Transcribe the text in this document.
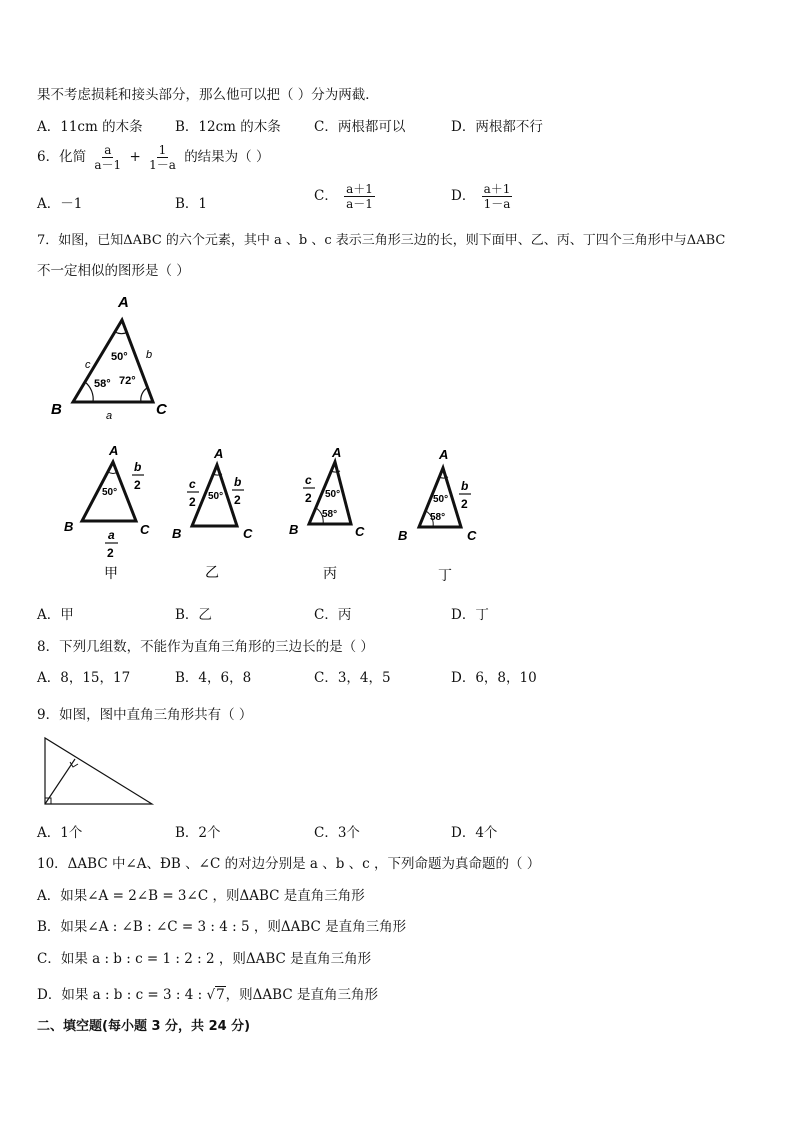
果不考虑损耗和接头部分，那么他可以把（ ）分为两截．
A．11cm 的木条 B．12cm 的木条 C．两根都可以	D．两根都不行
6．化简 $\frac{a}{a-1} + \frac{1}{1-a}$ 的结果为（ ）
A．－1	B．1	C． $\frac{a+1}{a-1}$	D． $\frac{a+1}{1-a}$
7．如图，已知ΔABC 的六个元素，其中 a 、b 、c 表示三角形三边的长，则下面甲、乙、丙、丁四个三角形中与ΔABC
不一定相似的图形是（ ）
A
B	C
50°
58° 72°
c
b
a
A
B	C
50°
b
2
a
2
甲
A
B	C
50°
c
2
b
2
乙
A
B	C
50°
58°
c
2
丙
A
B	C
50°
58°
b
2
丁
A．甲	B．乙	C．丙	D．丁
8．下列几组数，不能作为直角三角形的三边长的是（ ）
A．8，15，17	B．4，6，8	C．3，4，5	D．6，8，10
9．如图，图中直角三角形共有（ ）
A．1个	B．2个	C．3个	D．4个
10．ΔABC 中∠A、ÐB 、∠C 的对边分别是 a 、b 、c ，下列命题为真命题的（ ）
A．如果∠A = 2∠B = 3∠C ，则ΔABC 是直角三角形
B．如果∠A : ∠B : ∠C = 3 : 4 : 5 ，则ΔABC 是直角三角形
C．如果 a : b : c = 1 : 2 : 2 ，则ΔABC 是直角三角形
D．如果 a : b : c = 3 : 4 : √7，则ΔABC 是直角三角形
二、填空题(每小题 3 分，共 24 分)
